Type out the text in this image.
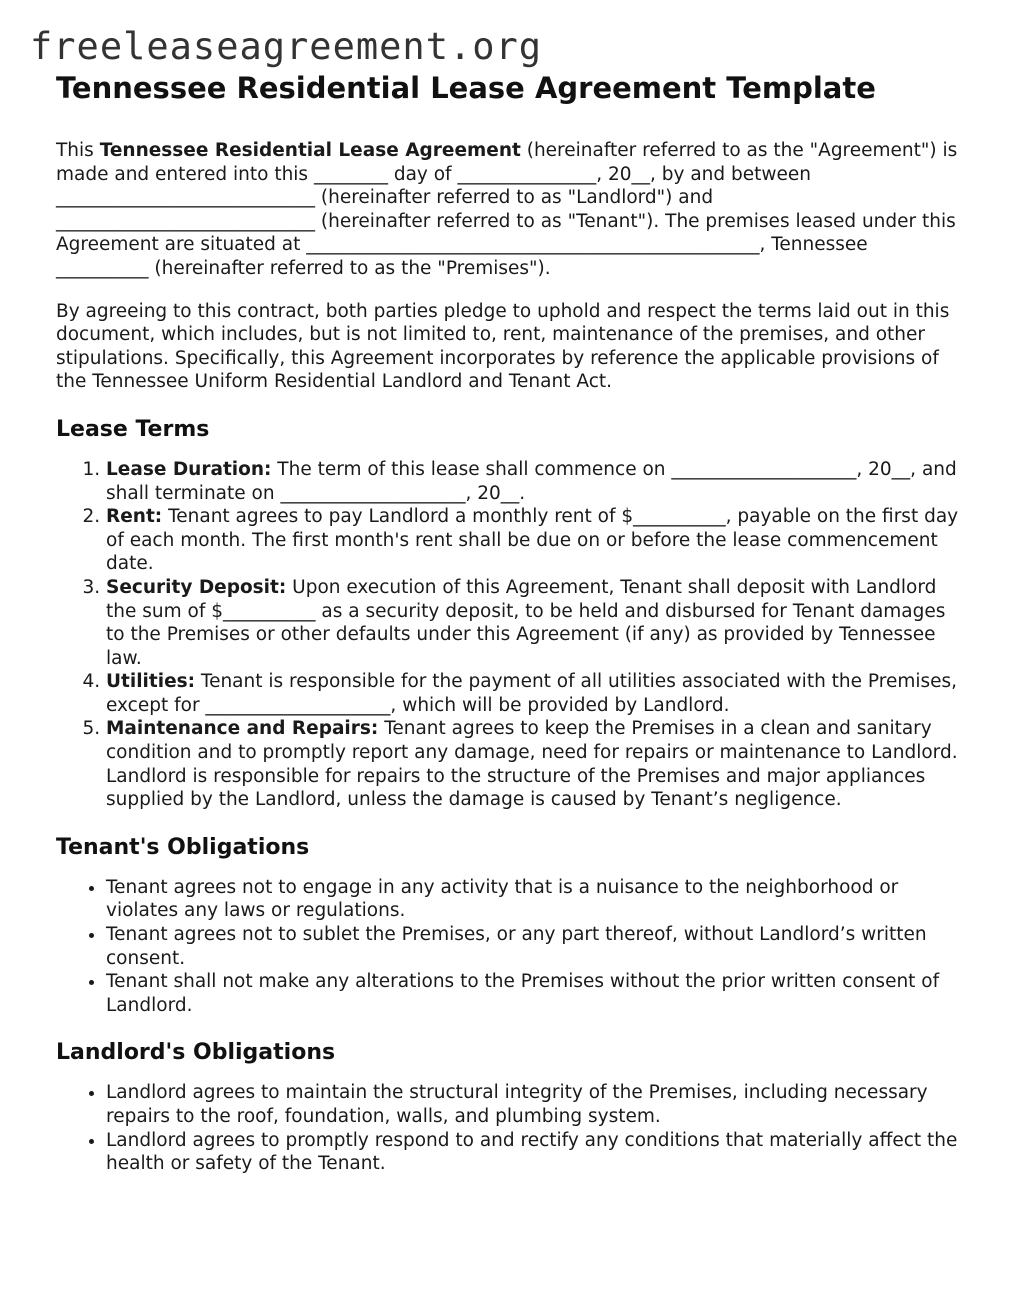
freeleaseagreement.org
Tennessee Residential Lease Agreement Template

This Tennessee Residential Lease Agreement (hereinafter referred to as the "Agreement") is made and entered into this ________ day of _______________, 20__, by and between ____________________________ (hereinafter referred to as "Landlord") and ____________________________ (hereinafter referred to as "Tenant"). The premises leased under this Agreement are situated at _________________________________________________, Tennessee __________ (hereinafter referred to as the "Premises").

By agreeing to this contract, both parties pledge to uphold and respect the terms laid out in this document, which includes, but is not limited to, rent, maintenance of the premises, and other stipulations. Specifically, this Agreement incorporates by reference the applicable provisions of the Tennessee Uniform Residential Landlord and Tenant Act.

Lease Terms
1. Lease Duration: The term of this lease shall commence on ____________________, 20__, and shall terminate on ____________________, 20__.
2. Rent: Tenant agrees to pay Landlord a monthly rent of $__________, payable on the first day of each month. The first month's rent shall be due on or before the lease commencement date.
3. Security Deposit: Upon execution of this Agreement, Tenant shall deposit with Landlord the sum of $__________ as a security deposit, to be held and disbursed for Tenant damages to the Premises or other defaults under this Agreement (if any) as provided by Tennessee law.
4. Utilities: Tenant is responsible for the payment of all utilities associated with the Premises, except for ____________________, which will be provided by Landlord.
5. Maintenance and Repairs: Tenant agrees to keep the Premises in a clean and sanitary condition and to promptly report any damage, need for repairs or maintenance to Landlord. Landlord is responsible for repairs to the structure of the Premises and major appliances supplied by the Landlord, unless the damage is caused by Tenant’s negligence.
Tenant's Obligations
• Tenant agrees not to engage in any activity that is a nuisance to the neighborhood or violates any laws or regulations.
• Tenant agrees not to sublet the Premises, or any part thereof, without Landlord’s written consent.
• Tenant shall not make any alterations to the Premises without the prior written consent of Landlord.
Landlord's Obligations
• Landlord agrees to maintain the structural integrity of the Premises, including necessary repairs to the roof, foundation, walls, and plumbing system.
• Landlord agrees to promptly respond to and rectify any conditions that materially affect the health or safety of the Tenant.
